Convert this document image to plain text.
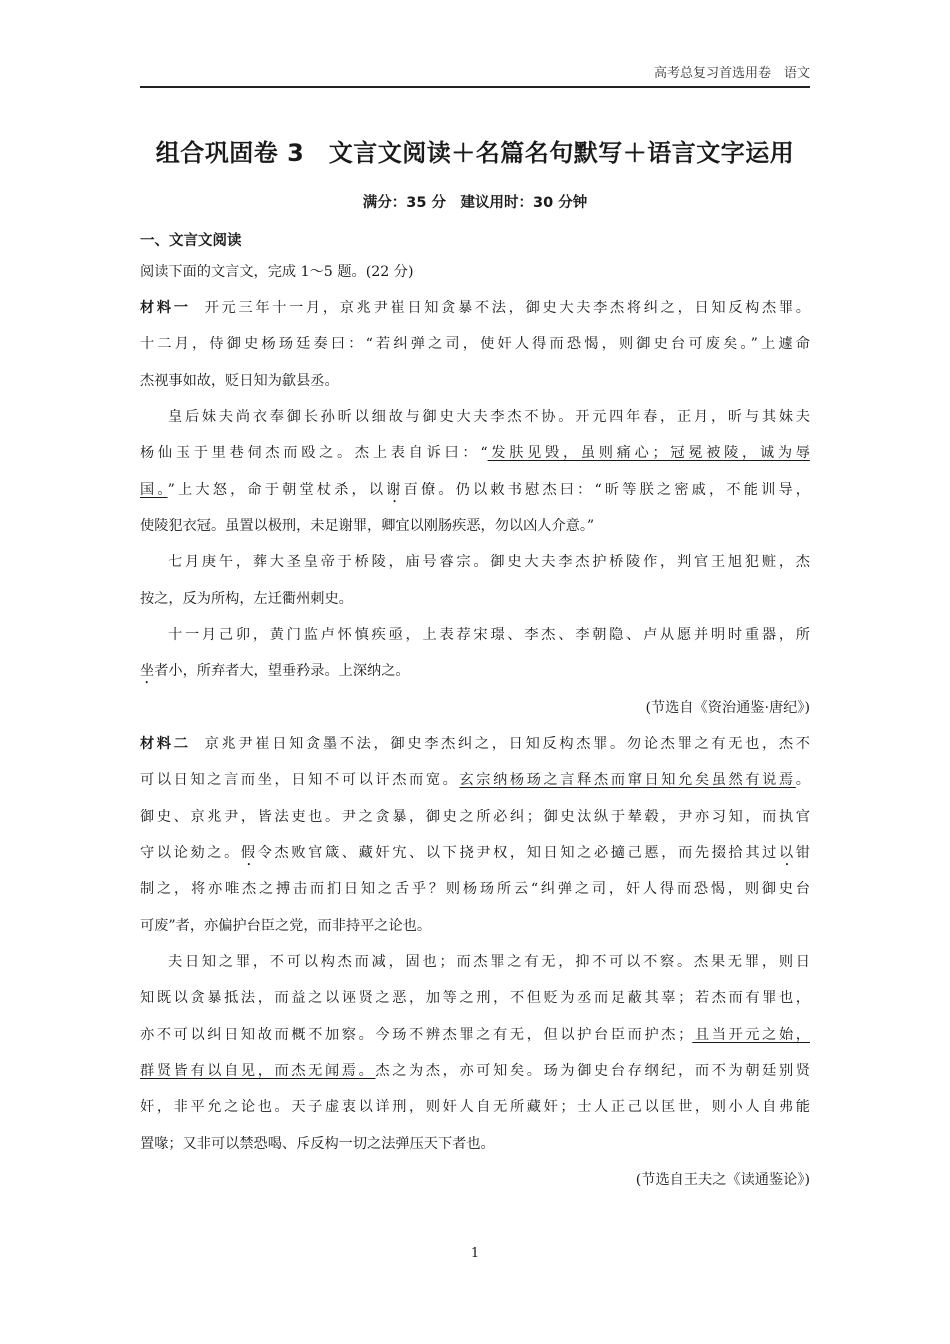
高考总复习首选用卷　语文
组合巩固卷 3　文言文阅读＋名篇名句默写＋语言文字运用
满分：35 分　建议用时：30 分钟
一、文言文阅读
阅读下面的文言文，完成 1～5 题。(22 分)
材料一 开元三年十一月，京兆尹崔日知贪暴不法，御史大夫李杰将纠之，日知反构杰罪。
十二月，侍御史杨玚廷奏曰：“若纠弹之司，使奸人得而恐愒，则御史台可废矣。”上遽命
杰视事如故，贬日知为歙县丞。
皇后妹夫尚衣奉御长孙昕以细故与御史大夫李杰不协。开元四年春，正月，昕与其妹夫
杨仙玉于里巷伺杰而殴之。杰上表自诉曰：“发肤见毁，虽则痛心；冠冕被陵，诚为辱
国。”上大怒，命于朝堂杖杀，以谢百僚。仍以敕书慰杰曰：“昕等朕之密戚，不能训导，
使陵犯衣冠。虽置以极刑，未足谢罪，卿宜以刚肠疾恶，勿以凶人介意。”
七月庚午，葬大圣皇帝于桥陵，庙号睿宗。御史大夫李杰护桥陵作，判官王旭犯赃，杰
按之，反为所构，左迁衢州刺史。
十一月己卯，黄门监卢怀慎疾亟，上表荐宋璟、李杰、李朝隐、卢从愿并明时重器，所
坐者小，所弃者大，望垂矜录。上深纳之。
(节选自《资治通鉴·唐纪》)
材料二 京兆尹崔日知贪墨不法，御史李杰纠之，日知反构杰罪。勿论杰罪之有无也，杰不
可以日知之言而坐，日知不可以讦杰而宽。玄宗纳杨玚之言释杰而窜日知允矣虽然有说焉。
御史、京兆尹，皆法吏也。尹之贪暴，御史之所必纠；御史汰纵于辇毂，尹亦习知，而执官
守以论劾之。假令杰败官箴、藏奸宄、以下挠尹权，知日知之必擿己慝，而先掇拾其过以钳
制之，将亦唯杰之搏击而扪日知之舌乎？则杨玚所云“纠弹之司，奸人得而恐愒，则御史台
可废”者，亦偏护台臣之党，而非持平之论也。
夫日知之罪，不可以构杰而减，固也；而杰罪之有无，抑不可以不察。杰果无罪，则日
知既以贪暴抵法，而益之以诬贤之恶，加等之刑，不但贬为丞而足蔽其辜；若杰而有罪也，
亦不可以纠日知故而概不加察。今玚不辨杰罪之有无，但以护台臣而护杰；且当开元之始，
群贤皆有以自见，而杰无闻焉。杰之为杰，亦可知矣。玚为御史台存纲纪，而不为朝廷别贤
奸，非平允之论也。天子虚衷以详刑，则奸人自无所藏奸；士人正己以匡世，则小人自弗能
置喙；又非可以禁恐喝、斥反构一切之法弹压天下者也。
(节选自王夫之《读通鉴论》)
1
